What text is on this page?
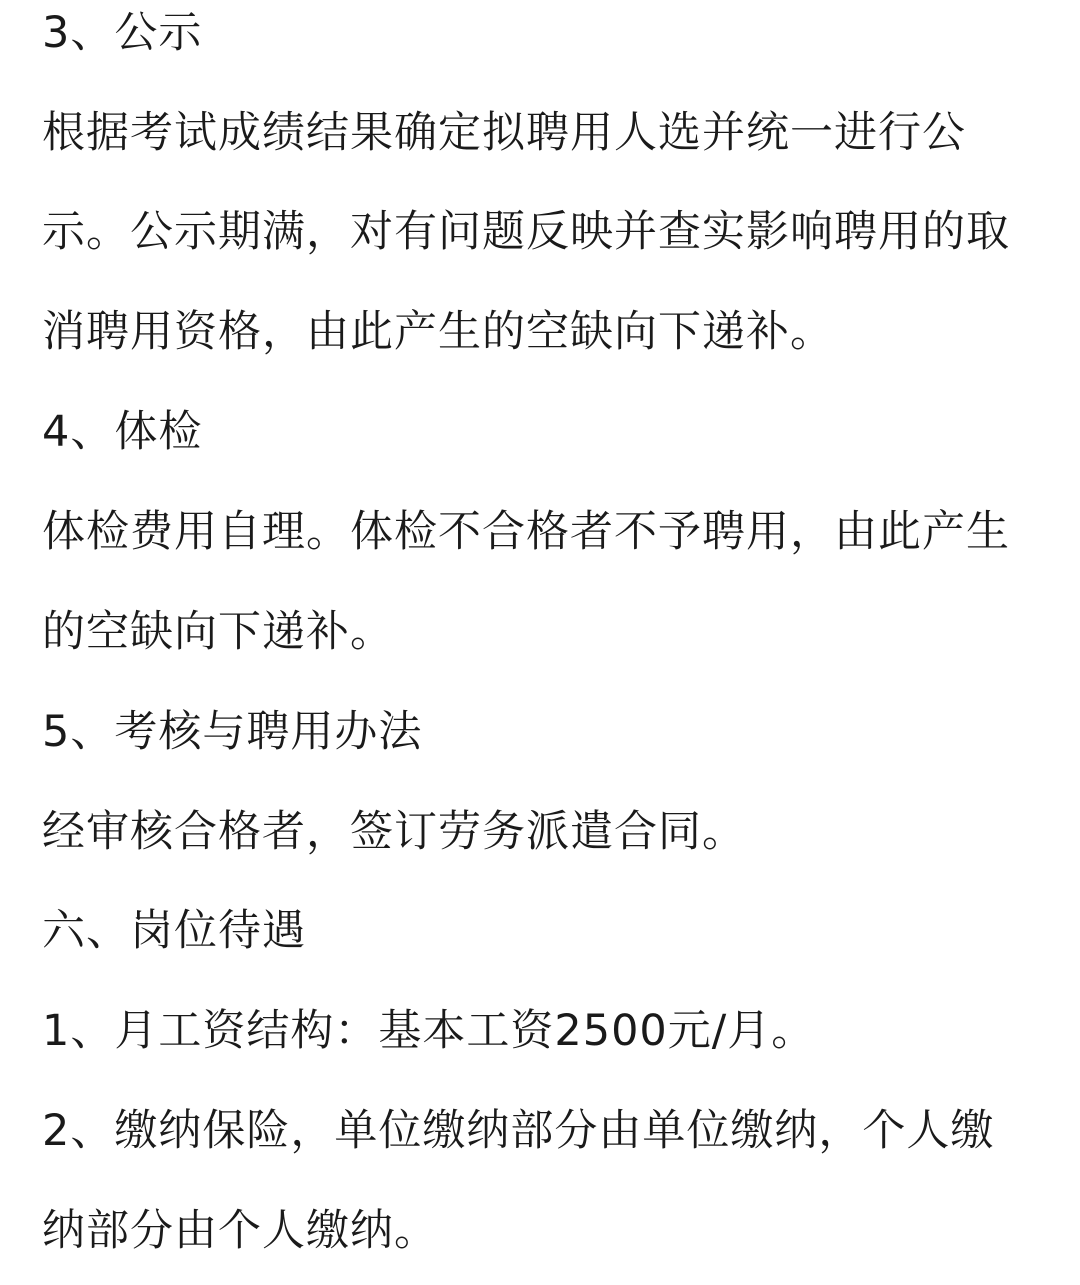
3、公示
根据考试成绩结果确定拟聘用人选并统一进行公
示。公示期满，对有问题反映并查实影响聘用的取
消聘用资格，由此产生的空缺向下递补。
4、体检
体检费用自理。体检不合格者不予聘用，由此产生
的空缺向下递补。
5、考核与聘用办法
经审核合格者，签订劳务派遣合同。
六、岗位待遇
1、月工资结构：基本工资2500元/月。
2、缴纳保险，单位缴纳部分由单位缴纳，个人缴
纳部分由个人缴纳。
